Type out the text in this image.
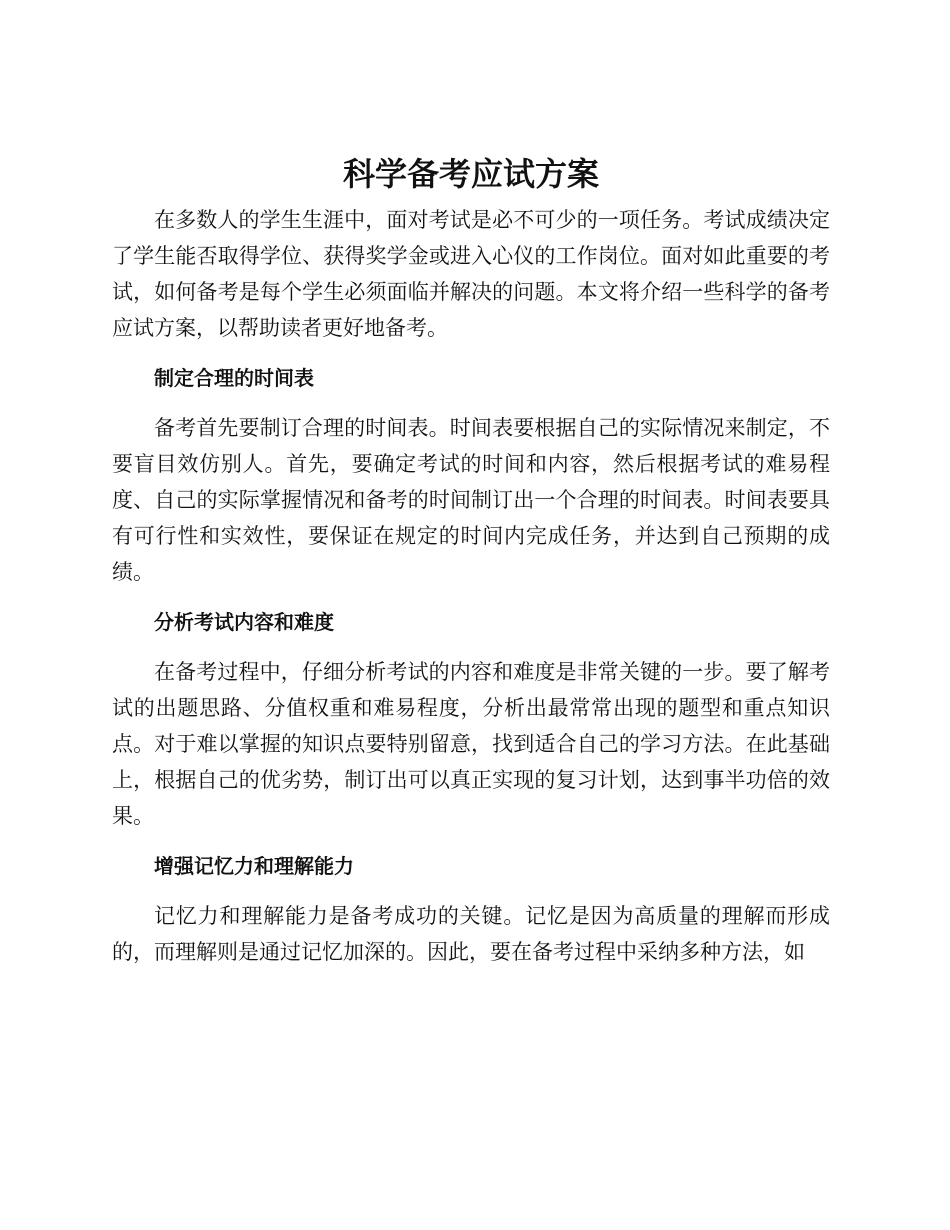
科学备考应试方案

在多数人的学生生涯中，面对考试是必不可少的一项任务。考试成绩决定了学生能否取得学位、获得奖学金或进入心仪的工作岗位。面对如此重要的考试，如何备考是每个学生必须面临并解决的问题。本文将介绍一些科学的备考应试方案，以帮助读者更好地备考。

制定合理的时间表

备考首先要制订合理的时间表。时间表要根据自己的实际情况来制定，不要盲目效仿别人。首先，要确定考试的时间和内容，然后根据考试的难易程度、自己的实际掌握情况和备考的时间制订出一个合理的时间表。时间表要具有可行性和实效性，要保证在规定的时间内完成任务，并达到自己预期的成绩。

分析考试内容和难度

在备考过程中，仔细分析考试的内容和难度是非常关键的一步。要了解考试的出题思路、分值权重和难易程度，分析出最常常出现的题型和重点知识点。对于难以掌握的知识点要特别留意，找到适合自己的学习方法。在此基础上，根据自己的优劣势，制订出可以真正实现的复习计划，达到事半功倍的效果。

增强记忆力和理解能力

记忆力和理解能力是备考成功的关键。记忆是因为高质量的理解而形成的，而理解则是通过记忆加深的。因此，要在备考过程中采纳多种方法，如
